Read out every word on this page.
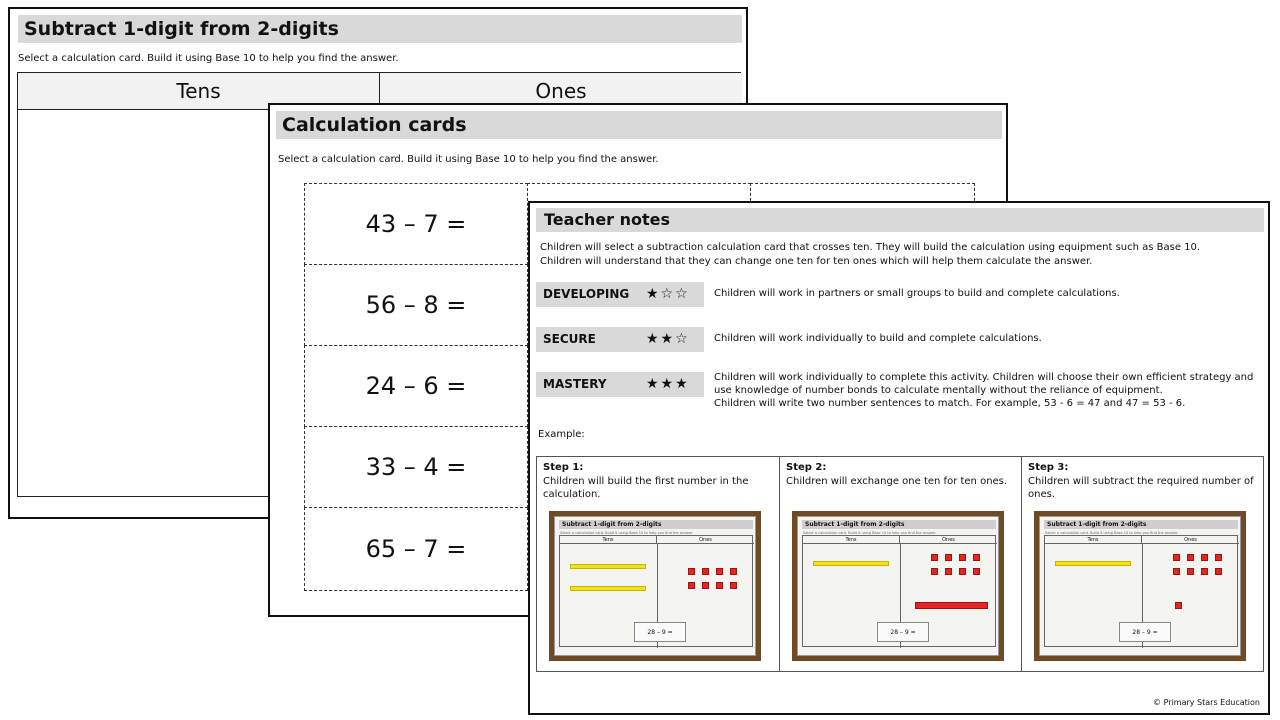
Subtract 1-digit from 2-digits
Select a calculation card. Build it using Base 10 to help you find the answer.
Tens	Ones
Calculation cards
Select a calculation card. Build it using Base 10 to help you find the answer.
43 – 7 =
56 – 8 =
24 – 6 =
33 – 4 =
65 – 7 =
Teacher notes
Children will select a subtraction calculation card that crosses ten. They will build the calculation using equipment such as Base 10.
Children will understand that they can change one ten for ten ones which will help them calculate the answer.
DEVELOPING	★☆☆ Children will work in partners or small groups to build and complete calculations.
SECURE	★★☆ Children will work individually to build and complete calculations.
MASTERY	★★★ Children will work individually to complete this activity. Children will choose their own efficient strategy and use knowledge of number bonds to calculate mentally without the reliance of equipment.
Children will write two number sentences to match. For example, 53 - 6 = 47 and 47 = 53 - 6.
Example:
Step 1:
Children will build the first number in the calculation.
Subtract 1-digit from 2-digits
Select a calculation card. Build it using Base 10 to help you find the answer.
Tens	Ones
28 – 9 =
Step 2:
Children will exchange one ten for ten ones.
Subtract 1-digit from 2-digits
Select a calculation card. Build it using Base 10 to help you find the answer.
Tens	Ones
28 – 9 =
Step 3:
Children will subtract the required number of ones.
Subtract 1-digit from 2-digits
Select a calculation card. Build it using Base 10 to help you find the answer.
Tens	Ones
28 – 9 =
© Primary Stars Education
